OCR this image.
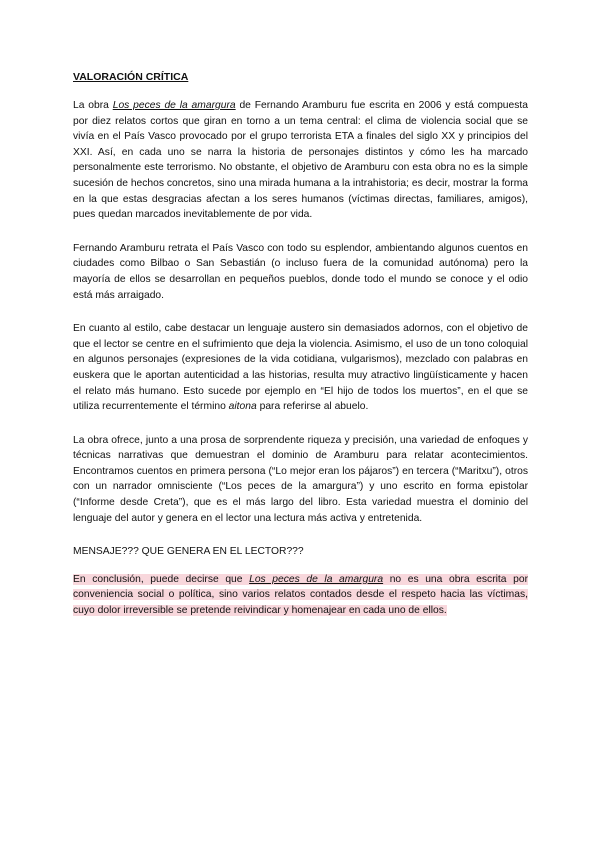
VALORACIÓN CRÍTICA

La obra Los peces de la amargura de Fernando Aramburu fue escrita en 2006 y está compuesta por diez relatos cortos que giran en torno a un tema central: el clima de violencia social que se vivía en el País Vasco provocado por el grupo terrorista ETA a finales del siglo XX y principios del XXI. Así, en cada uno se narra la historia de personajes distintos y cómo les ha marcado personalmente este terrorismo. No obstante, el objetivo de Aramburu con esta obra no es la simple sucesión de hechos concretos, sino una mirada humana a la intrahistoria; es decir, mostrar la forma en la que estas desgracias afectan a los seres humanos (víctimas directas, familiares, amigos), pues quedan marcados inevitablemente de por vida.

Fernando Aramburu retrata el País Vasco con todo su esplendor, ambientando algunos cuentos en ciudades como Bilbao o San Sebastián (o incluso fuera de la comunidad autónoma) pero la mayoría de ellos se desarrollan en pequeños pueblos, donde todo el mundo se conoce y el odio está más arraigado.

En cuanto al estilo, cabe destacar un lenguaje austero sin demasiados adornos, con el objetivo de que el lector se centre en el sufrimiento que deja la violencia. Asimismo, el uso de un tono coloquial en algunos personajes (expresiones de la vida cotidiana, vulgarismos), mezclado con palabras en euskera que le aportan autenticidad a las historias, resulta muy atractivo lingüísticamente y hacen el relato más humano. Esto sucede por ejemplo en “El hijo de todos los muertos”, en el que se utiliza recurrentemente el término aitona para referirse al abuelo.

La obra ofrece, junto a una prosa de sorprendente riqueza y precisión, una variedad de enfoques y técnicas narrativas que demuestran el dominio de Aramburu para relatar acontecimientos. Encontramos cuentos en primera persona (“Lo mejor eran los pájaros”) en tercera (“Maritxu”), otros con un narrador omnisciente (“Los peces de la amargura”) y uno escrito en forma epistolar (“Informe desde Creta”), que es el más largo del libro. Esta variedad muestra el dominio del lenguaje del autor y genera en el lector una lectura más activa y entretenida.

MENSAJE??? QUE GENERA EN EL LECTOR???

En conclusión, puede decirse que Los peces de la amargura no es una obra escrita por conveniencia social o política, sino varios relatos contados desde el respeto hacia las víctimas, cuyo dolor irreversible se pretende reivindicar y homenajear en cada uno de ellos.
